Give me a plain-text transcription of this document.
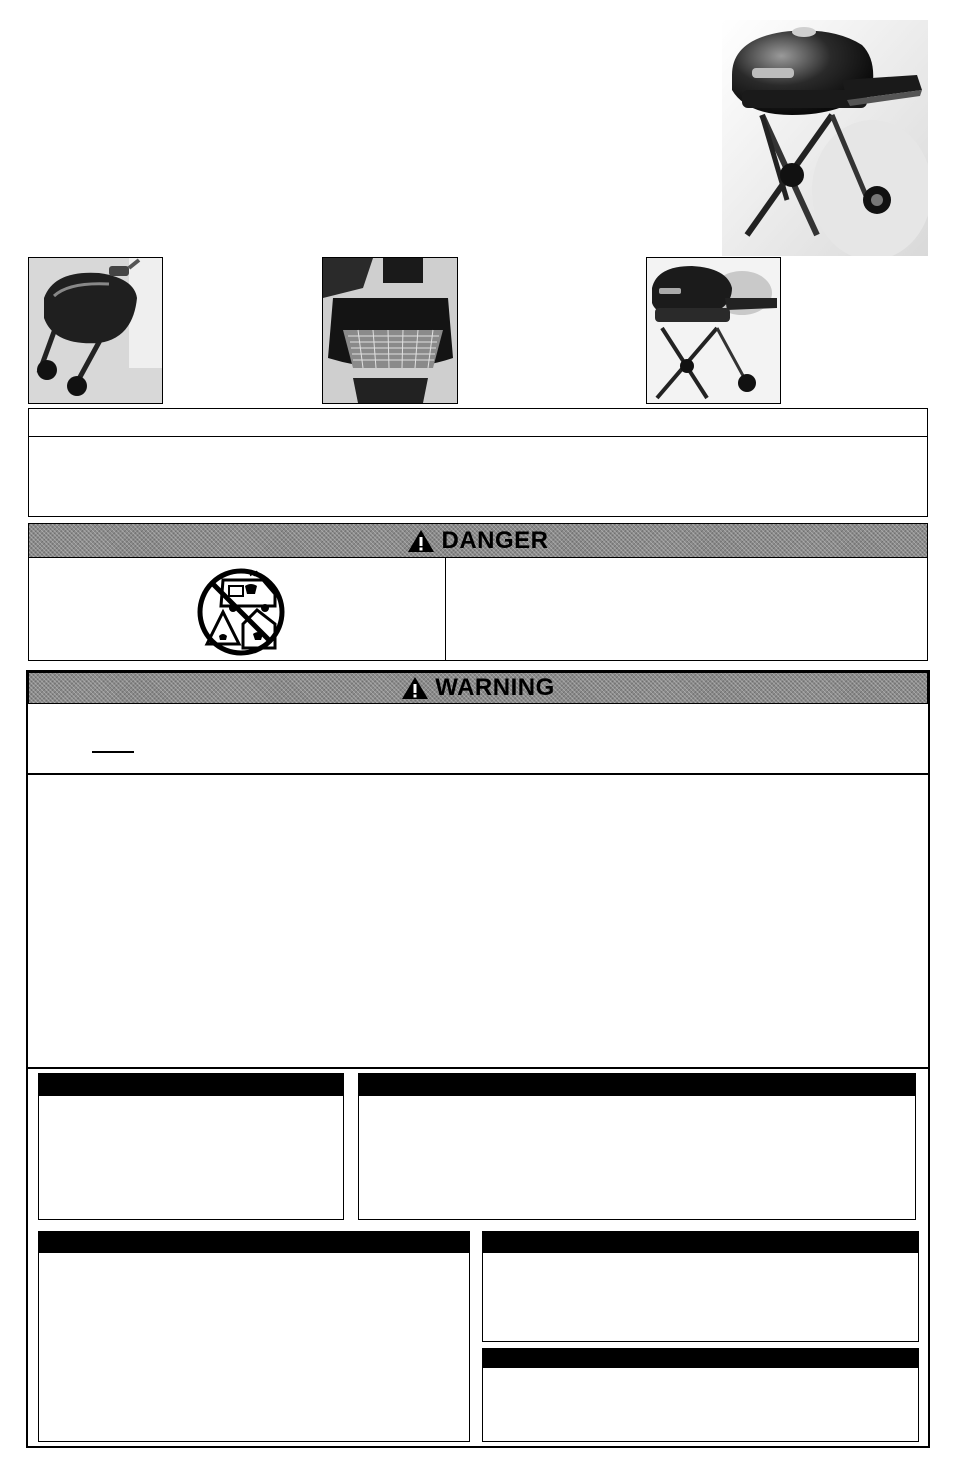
DANGER
WARNING
